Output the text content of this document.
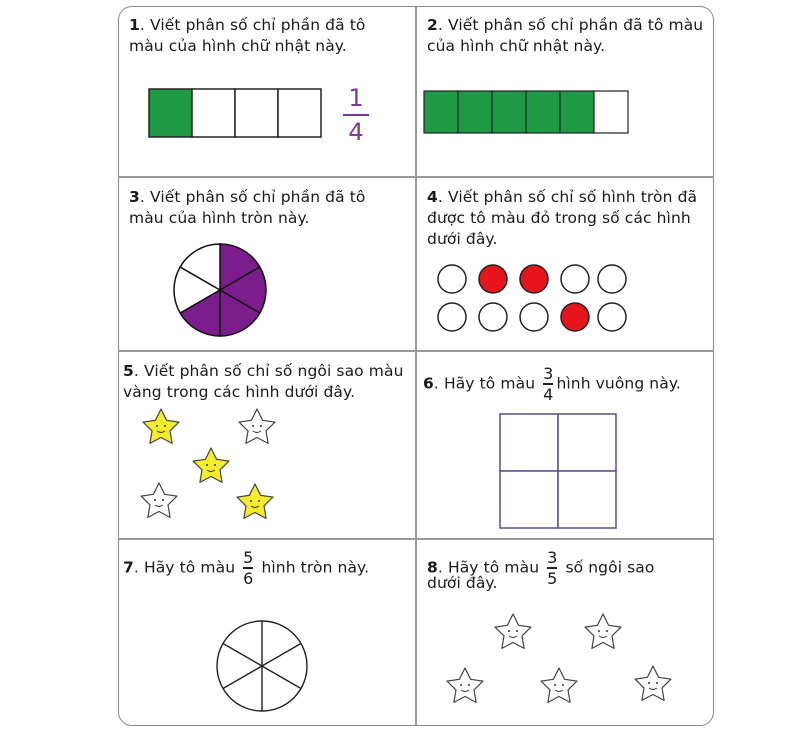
1. Viết phân số chỉ phần đã tô màu của hình chữ nhật này.
1
4
2. Viết phân số chỉ phần đã tô màu của hình chữ nhật này.
3. Viết phân số chỉ phần đã tô màu của hình tròn này.
4. Viết phân số chỉ số hình tròn đã được tô màu đỏ trong số các hình dưới đây.
5. Viết phân số chỉ số ngôi sao màu vàng trong các hình dưới đây.	6. Hãy tô màu $\frac{3}{4}$ hình vuông này.
7. Hãy tô màu $\frac{5}{6}$ hình tròn này.	8. Hãy tô màu $\frac{3}{5}$ số ngôi sao
dưới đây.
